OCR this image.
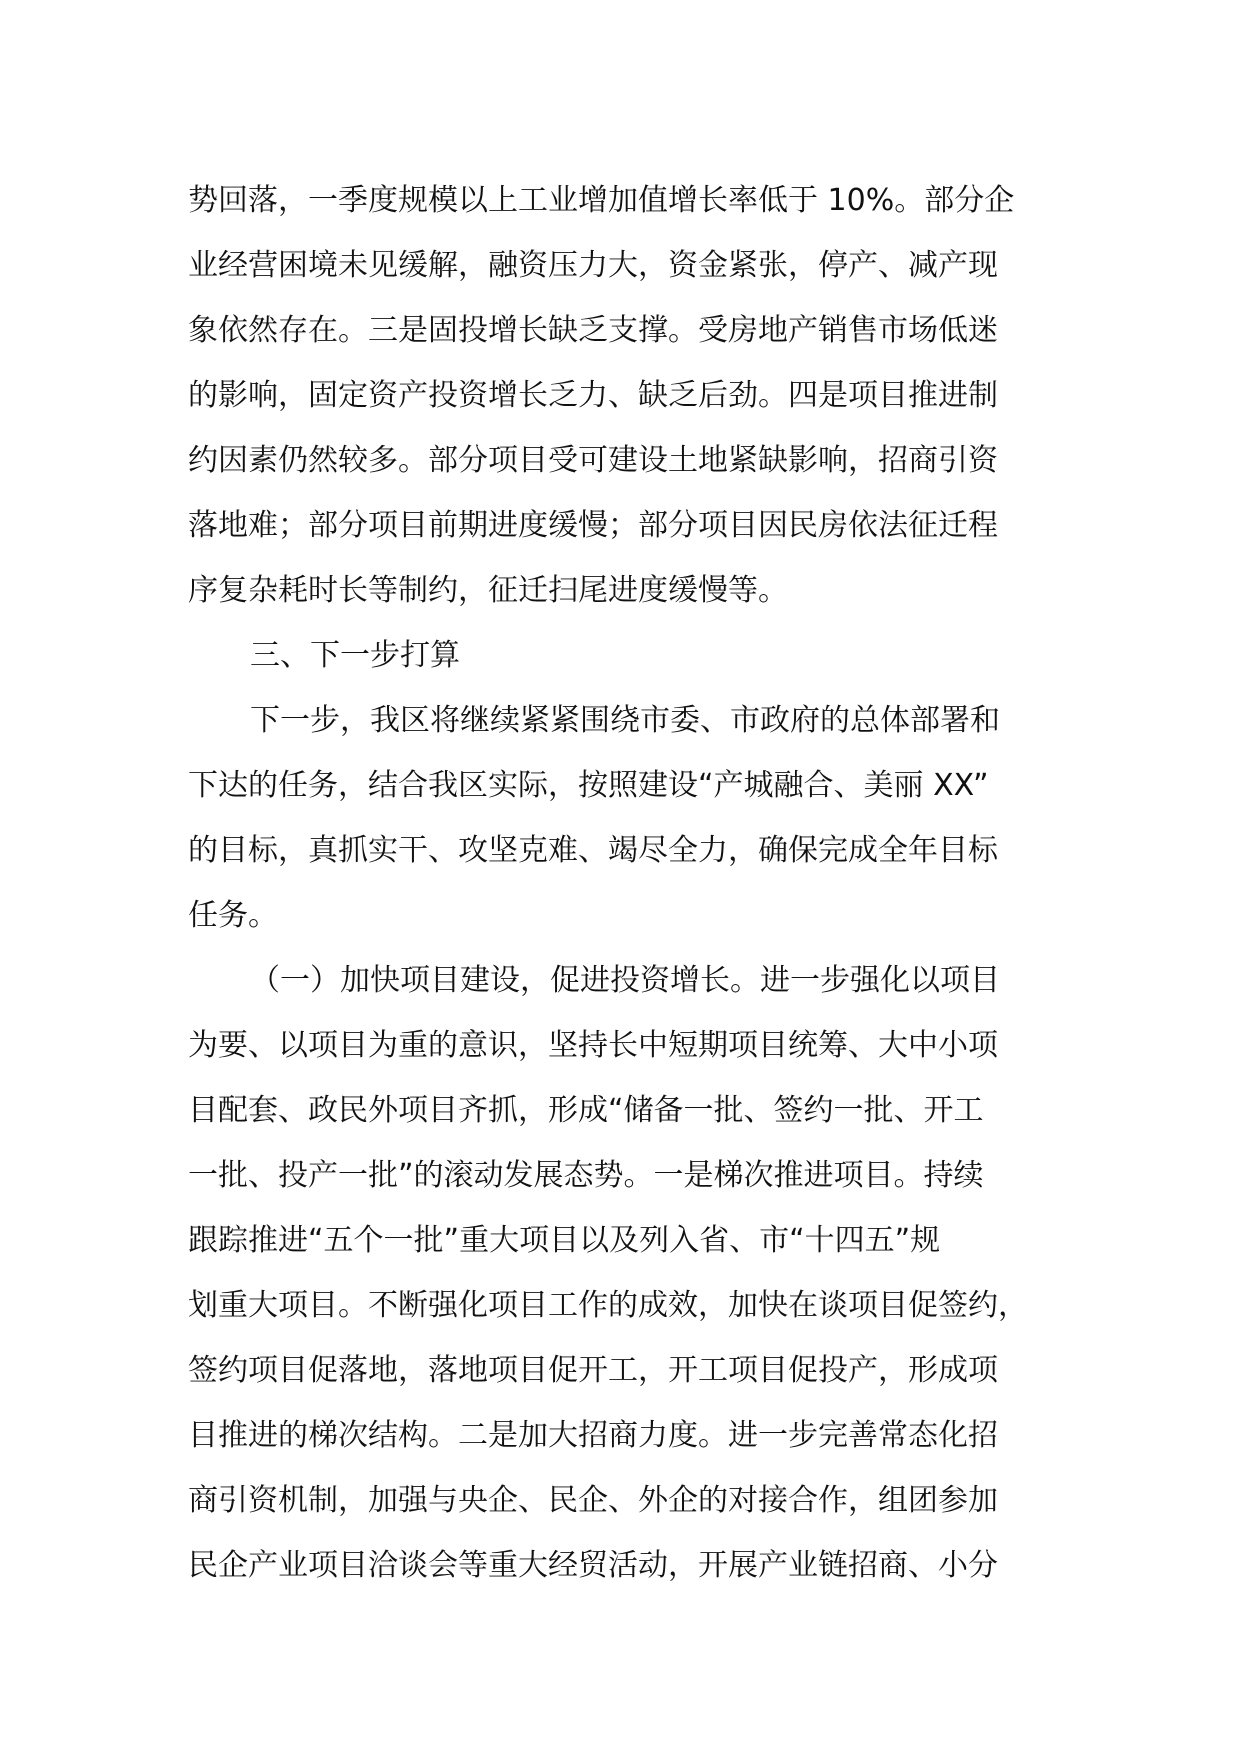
势回落，一季度规模以上工业增加值增长率低于 10%。部分企
业经营困境未见缓解，融资压力大，资金紧张，停产、减产现
象依然存在。三是固投增长缺乏支撑。受房地产销售市场低迷
的影响，固定资产投资增长乏力、缺乏后劲。四是项目推进制
约因素仍然较多。部分项目受可建设土地紧缺影响，招商引资
落地难；部分项目前期进度缓慢；部分项目因民房依法征迁程
序复杂耗时长等制约，征迁扫尾进度缓慢等。
三、下一步打算
下一步，我区将继续紧紧围绕市委、市政府的总体部署和
下达的任务，结合我区实际，按照建设“产城融合、美丽 XX”
的目标，真抓实干、攻坚克难、竭尽全力，确保完成全年目标
任务。
（一）加快项目建设，促进投资增长。进一步强化以项目
为要、以项目为重的意识，坚持长中短期项目统筹、大中小项
目配套、政民外项目齐抓，形成“储备一批、签约一批、开工
一批、投产一批”的滚动发展态势。一是梯次推进项目。持续
跟踪推进“五个一批”重大项目以及列入省、市“十四五”规
划重大项目。不断强化项目工作的成效，加快在谈项目促签约，
签约项目促落地，落地项目促开工，开工项目促投产，形成项
目推进的梯次结构。二是加大招商力度。进一步完善常态化招
商引资机制，加强与央企、民企、外企的对接合作，组团参加
民企产业项目洽谈会等重大经贸活动，开展产业链招商、小分
